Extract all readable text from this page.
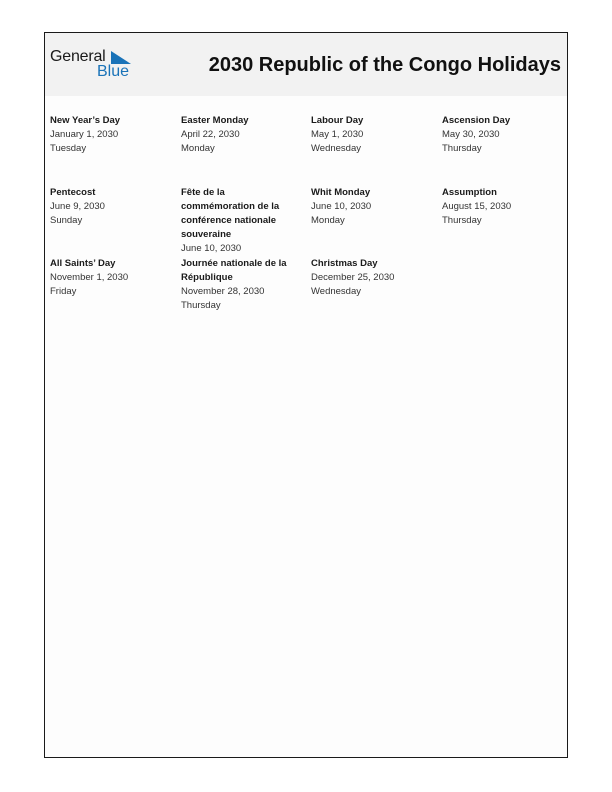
General
Blue	2030 Republic of the Congo Holidays
New Year’s Day
January 1, 2030
Tuesday
Easter Monday
April 22, 2030
Monday
Labour Day
May 1, 2030
Wednesday
Ascension Day
May 30, 2030
Thursday
Pentecost
June 9, 2030
Sunday
Fête de la commémoration de la conférence nationale souveraine
June 10, 2030
Whit Monday
June 10, 2030
Monday
Assumption
August 15, 2030
Thursday
All Saints’ Day
November 1, 2030
Friday
Journée nationale de la République
November 28, 2030
Thursday
Christmas Day
December 25, 2030
Wednesday
